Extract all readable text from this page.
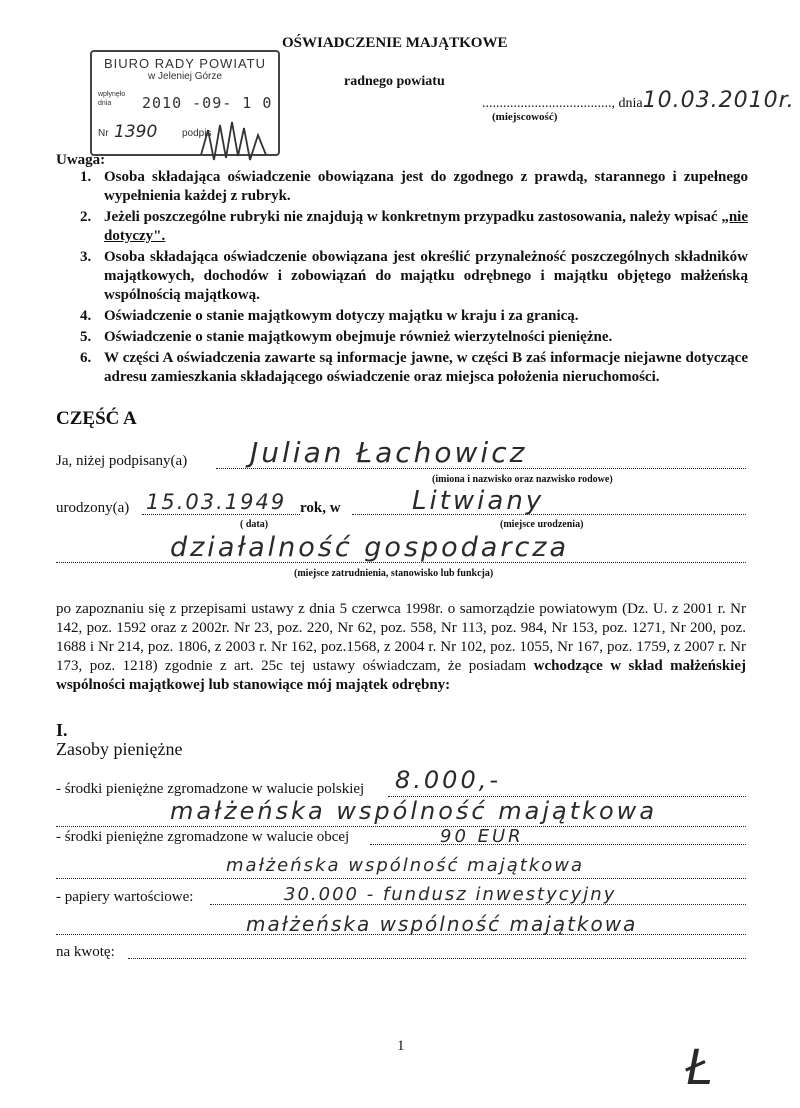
OŚWIADCZENIE MAJĄTKOWE
radnego powiatu
....................................., dnia10.03.2010r.
(miejscowość)
BIURO RADY POWIATU
w Jeleniej Górze
wpłynęło dnia	2010 -09- 1 0
Nr 1390 podpis
Uwaga:
1. Osoba składająca oświadczenie obowiązana jest do zgodnego z prawdą, starannego i zupełnego wypełnienia każdej z rubryk.
2. Jeżeli poszczególne rubryki nie znajdują w konkretnym przypadku zastosowania, należy wpisać „nie dotyczy".
3. Osoba składająca oświadczenie obowiązana jest określić przynależność poszczególnych składników majątkowych, dochodów i zobowiązań do majątku odrębnego i majątku objętego małżeńską wspólnością majątkową.
4. Oświadczenie o stanie majątkowym dotyczy majątku w kraju i za granicą.
5. Oświadczenie o stanie majątkowym obejmuje również wierzytelności pieniężne.
6. W części A oświadczenia zawarte są informacje jawne, w części B zaś informacje niejawne dotyczące adresu zamieszkania składającego oświadczenie oraz miejsca położenia nieruchomości.
CZĘŚĆ A
Ja, niżej podpisany(a) Julian Łachowicz
(imiona i nazwisko oraz nazwisko rodowe)
urodzony(a) 15.03.1949 rok, w	Litwiany
( data)	(miejsce urodzenia)
działalność gospodarcza
(miejsce zatrudnienia, stanowisko lub funkcja)
po zapoznaniu się z przepisami ustawy z dnia 5 czerwca 1998r. o samorządzie powiatowym (Dz. U. z 2001 r. Nr 142, poz. 1592 oraz z 2002r. Nr 23, poz. 220, Nr 62, poz. 558, Nr 113, poz. 984, Nr 153, poz. 1271, Nr 200, poz. 1688 i Nr 214, poz. 1806, z 2003 r. Nr 162, poz.1568, z 2004 r. Nr 102, poz. 1055, Nr 167, poz. 1759, z 2007 r. Nr 173, poz. 1218) zgodnie z art. 25c tej ustawy oświadczam, że posiadam wchodzące w skład małżeńskiej wspólności majątkowej lub stanowiące mój majątek odrębny:
I.
Zasoby pieniężne
- środki pieniężne zgromadzone w walucie polskiej 8.000,-
małżeńska wspólność majątkowa
- środki pieniężne zgromadzone w walucie obcej	90 EUR
małżeńska wspólność majątkowa
- papiery wartościowe:	30.000 - fundusz inwestycyjny
małżeńska wspólność majątkowa
na kwotę:
1	Ł
